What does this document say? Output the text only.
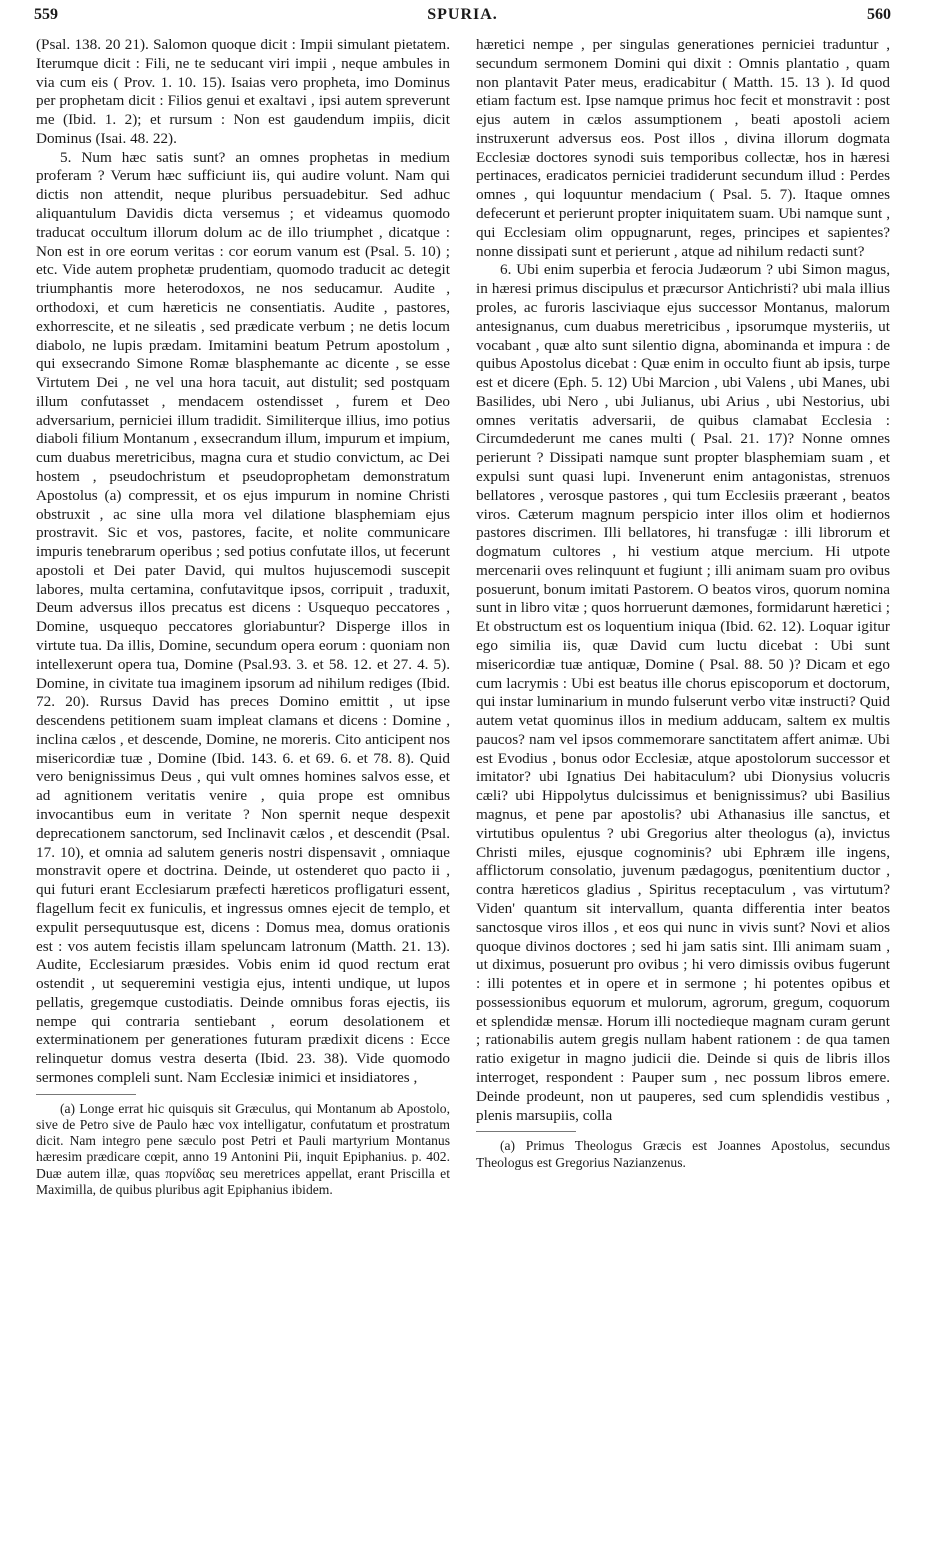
559	SPURIA.	560

(Psal. 138. 20 21). Salomon quoque dicit : Impii simulant pietatem. Iterumque dicit : Fili, ne te seducant viri impii , neque ambules in via cum eis ( Prov. 1. 10. 15). Isaias vero propheta, imo Dominus per prophetam dicit : Filios genui et exaltavi , ipsi autem spreverunt me (Ibid. 1. 2); et rursum : Non est gaudendum impiis, dicit Dominus (Isai. 48. 22).

5. Num hæc satis sunt? an omnes prophetas in medium proferam ? Verum hæc sufficiunt iis, qui audire volunt. Nam qui dictis non attendit, neque pluribus persuadebitur. Sed adhuc aliquantulum Davidis dicta versemus ; et videamus quomodo traducat occultum illorum dolum ac de illo triumphet , dicatque : Non est in ore eorum veritas : cor eorum vanum est (Psal. 5. 10) ; etc. Vide autem prophetæ prudentiam, quomodo traducit ac detegit triumphantis more heterodoxos, ne nos seducamur. Audite , orthodoxi, et cum hæreticis ne consentiatis. Audite , pastores, exhorrescite, et ne sileatis , sed prædicate verbum ; ne detis locum diabolo, ne lupis prædam. Imitamini beatum Petrum apostolum , qui exsecrando Simone Romæ blasphemante ac dicente , se esse Virtutem Dei , ne vel una hora tacuit, aut distulit; sed postquam illum confutasset , mendacem ostendisset , furem et Deo adversarium, perniciei illum tradidit. Similiterque illius, imo potius diaboli filium Montanum , exsecrandum illum, impurum et impium, cum duabus meretricibus, magna cura et studio convictum, ac Dei hostem , pseudochristum et pseudoprophetam demonstratum Apostolus (a) compressit, et os ejus impurum in nomine Christi obstruxit , ac sine ulla mora vel dilatione blasphemiam ejus prostravit. Sic et vos, pastores, facite, et nolite communicare impuris tenebrarum operibus ; sed potius confutate illos, ut fecerunt apostoli et Dei pater David, qui multos hujuscemodi suscepit labores, multa certamina, confutavitque ipsos, corripuit , traduxit, Deum adversus illos precatus est dicens : Usquequo peccatores , Domine, usquequo peccatores gloriabuntur? Disperge illos in virtute tua. Da illis, Domine, secundum opera eorum : quoniam non intellexerunt opera tua, Domine (Psal.93. 3. et 58. 12. et 27. 4. 5). Domine, in civitate tua imaginem ipsorum ad nihilum rediges (Ibid. 72. 20). Rursus David has preces Domino emittit , ut ipse descendens petitionem suam impleat clamans et dicens : Domine , inclina cælos , et descende, Domine, ne moreris. Cito anticipent nos misericordiæ tuæ , Domine (Ibid. 143. 6. et 69. 6. et 78. 8). Quid vero benignissimus Deus , qui vult omnes homines salvos esse, et ad agnitionem veritatis venire , quia prope est omnibus invocantibus eum in veritate ? Non spernit neque despexit deprecationem sanctorum, sed Inclinavit cælos , et descendit (Psal. 17. 10), et omnia ad salutem generis nostri dispensavit , omniaque monstravit opere et doctrina. Deinde, ut ostenderet quo pacto ii , qui futuri erant Ecclesiarum præfecti hæreticos profligaturi essent, flagellum fecit ex funiculis, et ingressus omnes ejecit de templo, et expulit persequutusque est, dicens : Domus mea, domus orationis est : vos autem fecistis illam speluncam latronum (Matth. 21. 13). Audite, Ecclesiarum præsides. Vobis enim id quod rectum erat ostendit , ut sequeremini vestigia ejus, intenti undique, ut lupos pellatis, gregemque custodiatis. Deinde omnibus foras ejectis, iis nempe qui contraria sentiebant , eorum desolationem et exterminationem per generationes futuram prædixit dicens : Ecce relinquetur domus vestra deserta (Ibid. 23. 38). Vide quomodo sermones compleli sunt. Nam Ecclesiæ inimici et insidiatores ,

(a) Longe errat hic quisquis sit Græculus, qui Montanum ab Apostolo, sive de Petro sive de Paulo hæc vox intelligatur, confutatum et prostratum dicit. Nam integro pene sæculo post Petri et Pauli martyrium Montanus hæresim prædicare cœpit, anno 19 Antonini Pii, inquit Epiphanius. p. 402. Duæ autem illæ, quas πορνίδας seu meretrices appellat, erant Priscilla et Maximilla, de quibus pluribus agit Epiphanius ibidem.

hæretici nempe , per singulas generationes perniciei traduntur , secundum sermonem Domini qui dixit : Omnis plantatio , quam non plantavit Pater meus, eradicabitur ( Matth. 15. 13 ). Id quod etiam factum est. Ipse namque primus hoc fecit et monstravit : post ejus autem in cælos assumptionem , beati apostoli aciem instruxerunt adversus eos. Post illos , divina illorum dogmata Ecclesiæ doctores synodi suis temporibus collectæ, hos in hæresi pertinaces, eradicatos perniciei tradiderunt secundum illud : Perdes omnes , qui loquuntur mendacium ( Psal. 5. 7). Itaque omnes defecerunt et perierunt propter iniquitatem suam. Ubi namque sunt , qui Ecclesiam olim oppugnarunt, reges, principes et sapientes? nonne dissipati sunt et perierunt , atque ad nihilum redacti sunt?

6. Ubi enim superbia et ferocia Judæorum ? ubi Simon magus, in hæresi primus discipulus et præcursor Antichristi? ubi mala illius proles, ac furoris lasciviaque ejus successor Montanus, malorum antesignanus, cum duabus meretricibus , ipsorumque mysteriis, ut vocabant , quæ alto sunt silentio digna, abominanda et impura : de quibus Apostolus dicebat : Quæ enim in occulto fiunt ab ipsis, turpe est et dicere (Eph. 5. 12) Ubi Marcion , ubi Valens , ubi Manes, ubi Basilides, ubi Nero , ubi Julianus, ubi Arius , ubi Nestorius, ubi omnes veritatis adversarii, de quibus clamabat Ecclesia : Circumdederunt me canes multi ( Psal. 21. 17)? Nonne omnes perierunt ? Dissipati namque sunt propter blasphemiam suam , et expulsi sunt quasi lupi. Invenerunt enim antagonistas, strenuos bellatores , verosque pastores , qui tum Ecclesiis præerant , beatos viros. Cæterum magnum perspicio inter illos olim et hodiernos pastores discrimen. Illi bellatores, hi transfugæ : illi librorum et dogmatum cultores , hi vestium atque mercium. Hi utpote mercenarii oves relinquunt et fugiunt ; illi animam suam pro ovibus posuerunt, bonum imitati Pastorem. O beatos viros, quorum nomina sunt in libro vitæ ; quos horruerunt dæmones, formidarunt hæretici ; Et obstructum est os loquentium iniqua (Ibid. 62. 12). Loquar igitur ego similia iis, quæ David cum luctu dicebat : Ubi sunt misericordiæ tuæ antiquæ, Domine ( Psal. 88. 50 )? Dicam et ego cum lacrymis : Ubi est beatus ille chorus episcoporum et doctorum, qui instar luminarium in mundo fulserunt verbo vitæ instructi? Quid autem vetat quominus illos in medium adducam, saltem ex multis paucos? nam vel ipsos commemorare sanctitatem affert animæ. Ubi est Evodius , bonus odor Ecclesiæ, atque apostolorum successor et imitator? ubi Ignatius Dei habitaculum? ubi Dionysius volucris cæli? ubi Hippolytus dulcissimus et benignissimus? ubi Basilius magnus, et pene par apostolis? ubi Athanasius ille sanctus, et virtutibus opulentus ? ubi Gregorius alter theologus (a), invictus Christi miles, ejusque cognominis? ubi Ephræm ille ingens, afflictorum consolatio, juvenum pædagogus, pœnitentium ductor , contra hæreticos gladius , Spiritus receptaculum , vas virtutum? Viden' quantum sit intervallum, quanta differentia inter beatos sanctosque viros illos , et eos qui nunc in vivis sunt? Novi et alios quoque divinos doctores ; sed hi jam satis sint. Illi animam suam , ut diximus, posuerunt pro ovibus ; hi vero dimissis ovibus fugerunt : illi potentes et in opere et in sermone ; hi potentes opibus et possessionibus equorum et mulorum, agrorum, gregum, coquorum et splendidæ mensæ. Horum illi noctedieque magnam curam gerunt ; rationabilis autem gregis nullam habent rationem : de qua tamen ratio exigetur in magno judicii die. Deinde si quis de libris illos interroget, respondent : Pauper sum , nec possum libros emere. Deinde prodeunt, non ut pauperes, sed cum splendidis vestibus , plenis marsupiis, colla

(a) Primus Theologus Græcis est Joannes Apostolus, secundus Theologus est Gregorius Nazianzenus.
